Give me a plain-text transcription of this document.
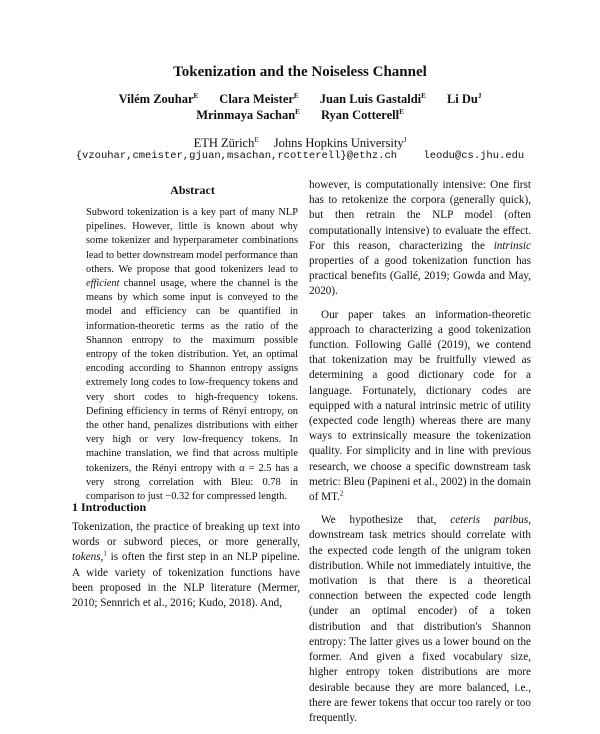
Tokenization and the Noiseless Channel
Vilém Zouhar$^E$ Clara Meister$^E$ Juan Luis Gastaldi$^E$ Li $Du^J$
Mrinmaya Sachan$^E$ Ryan Cotterell$^E$
ETH Zürich$^E$ Johns Hopkins University$^J$
{vzouhar,cmeister,gjuan,msachan,rcotterell}@ethz.ch	leodu@cs.jhu.edu
Abstract

Subword tokenization is a key part of many NLP pipelines. However, little is known about why some tokenizer and hyperparameter combinations lead to better downstream model performance than others. We propose that good tokenizers lead to efficient channel usage, where the channel is the means by which some input is conveyed to the model and efficiency can be quantified in information-theoretic terms as the ratio of the Shannon entropy to the maximum possible entropy of the token distribution. Yet, an optimal encoding according to Shannon entropy assigns extremely long codes to low-frequency tokens and very short codes to high-frequency tokens. Defining efficiency in terms of Rényi entropy, on the other hand, penalizes distributions with either very high or very low-frequency tokens. In machine translation, we find that across multiple tokenizers, the Rényi entropy with α = 2.5 has a very strong correlation with Bleu: 0.78 in comparison to just −0.32 for compressed length.

1 Introduction

Tokenization, the practice of breaking up text into words or subword pieces, or more generally, tokens,$^1$ is often the first step in an NLP pipeline. A wide variety of tokenization functions have been proposed in the NLP literature (Mermer, 2010; Sennrich et al., 2016; Kudo, 2018). And,

however, is computationally intensive: One first has to retokenize the corpora (generally quick), but then retrain the NLP model (often computationally intensive) to evaluate the effect. For this reason, characterizing the intrinsic properties of a good tokenization function has practical benefits (Gallé, 2019; Gowda and May, 2020).

Our paper takes an information-theoretic approach to characterizing a good tokenization function. Following Gallé (2019), we contend that tokenization may be fruitfully viewed as determining a good dictionary code for a language. Fortunately, dictionary codes are equipped with a natural intrinsic metric of utility (expected code length) whereas there are many ways to extrinsically measure the tokenization quality. For simplicity and in line with previous research, we choose a specific downstream task metric: Bleu (Papineni et al., 2002) in the domain of MT.$^2$

We hypothesize that, ceteris paribus, downstream task metrics should correlate with the expected code length of the unigram token distribution. While not immediately intuitive, the motivation is that there is a theoretical connection between the expected code length (under an optimal encoder) of a token distribution and that distribution's Shannon entropy: The latter gives us a lower bound on the former. And given a fixed vocabulary size, higher entropy token distributions are more desirable because they are more balanced, i.e., there are fewer tokens that occur too rarely or too frequently.
